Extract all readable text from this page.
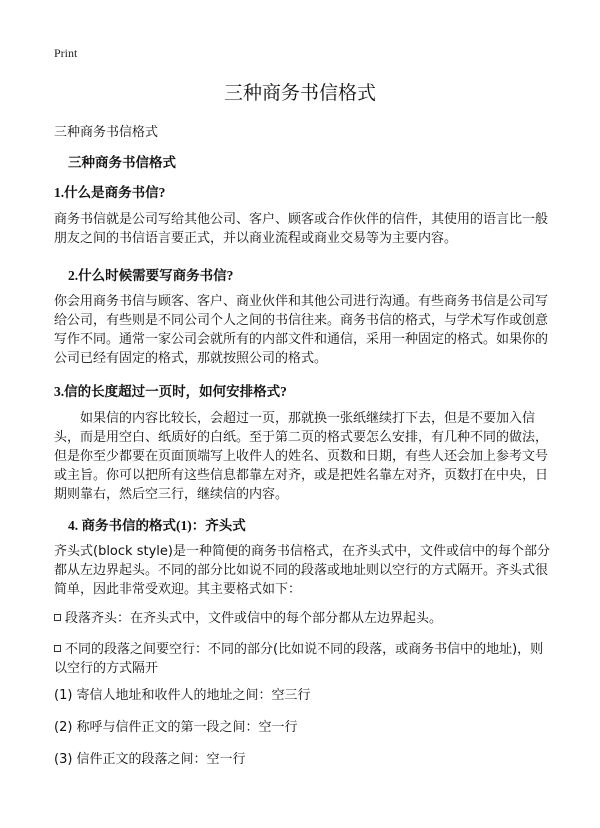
Print
三种商务书信格式
三种商务书信格式
三种商务书信格式
1.什么是商务书信?

商务书信就是公司写给其他公司、客户、顾客或合作伙伴的信件，其使用的语言比一般朋友之间的书信语言要正式，并以商业流程或商业交易等为主要内容。

2.什么时候需要写商务书信?

你会用商务书信与顾客、客户、商业伙伴和其他公司进行沟通。有些商务书信是公司写给公司，有些则是不同公司个人之间的书信往来。商务书信的格式，与学术写作或创意写作不同。通常一家公司会就所有的内部文件和通信，采用一种固定的格式。如果你的公司已经有固定的格式，那就按照公司的格式。

3.信的长度超过一页时，如何安排格式?

如果信的内容比较长，会超过一页，那就换一张纸继续打下去，但是不要加入信头，而是用空白、纸质好的白纸。至于第二页的格式要怎么安排，有几种不同的做法，但是你至少都要在页面顶端写上收件人的姓名、页数和日期，有些人还会加上参考文号或主旨。你可以把所有这些信息都靠左对齐，或是把姓名靠左对齐，页数打在中央，日期则靠右，然后空三行，继续信的内容。

4. 商务书信的格式(1)：齐头式

齐头式(block style)是一种简便的商务书信格式，在齐头式中，文件或信中的每个部分都从左边界起头。不同的部分比如说不同的段落或地址则以空行的方式隔开。齐头式很简单，因此非常受欢迎。其主要格式如下：

段落齐头：在齐头式中，文件或信中的每个部分都从左边界起头。

不同的段落之间要空行：不同的部分(比如说不同的段落，或商务书信中的地址)，则以空行的方式隔开

(1) 寄信人地址和收件人的地址之间：空三行

(2) 称呼与信件正文的第一段之间：空一行

(3) 信件正文的段落之间：空一行
